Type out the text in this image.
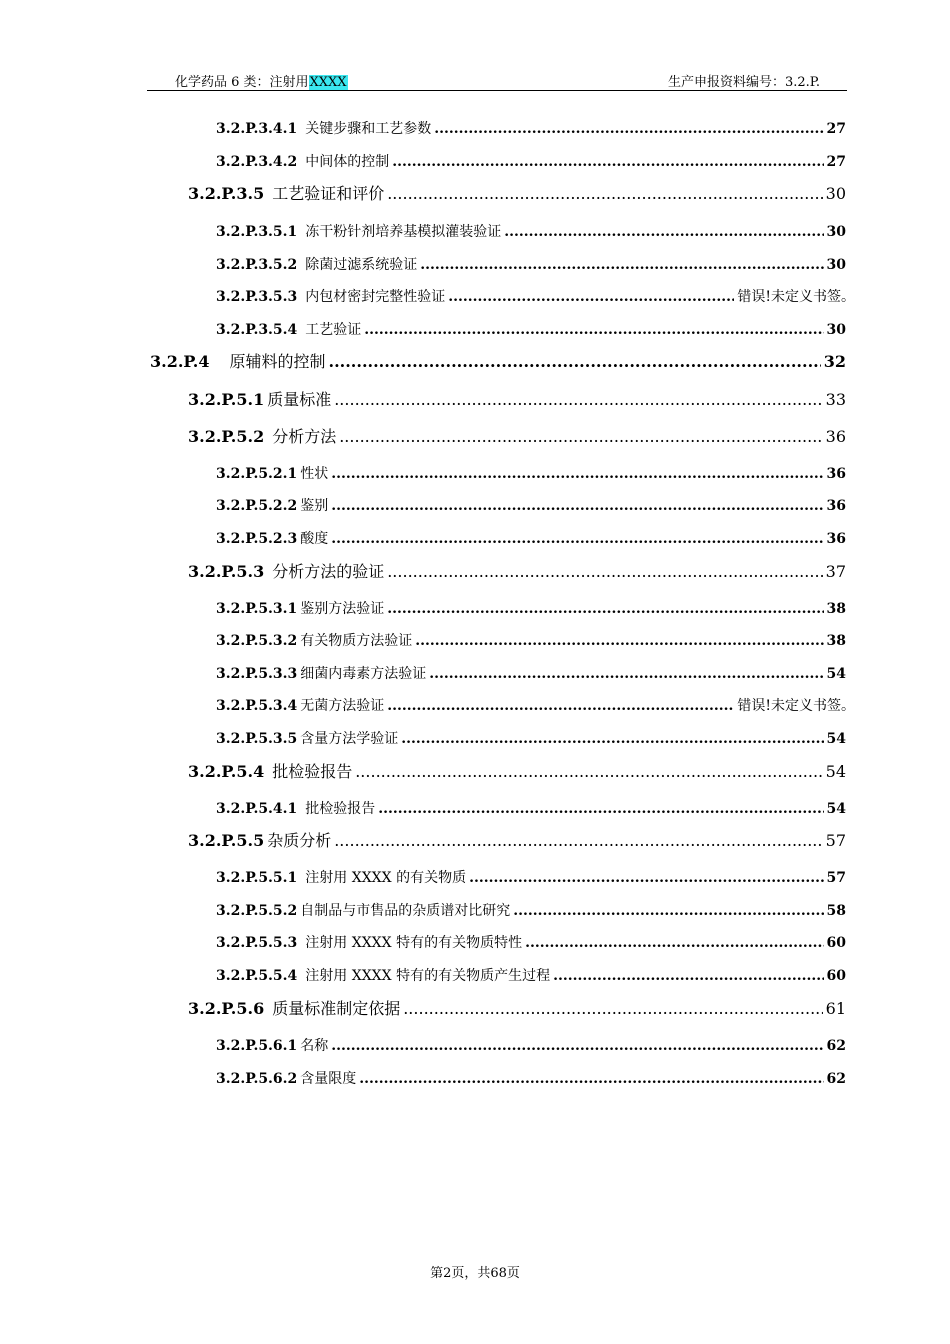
化学药品 6 类：注射用XXXX	生产申报资料编号：3.2.P.
3.2.P.3.4.1 关键步骤和工艺参数 .....	27
3.2.P.3.4.2 中间体的控制 .....	27
3.2.P.3.5 工艺验证和评价 .....	30
3.2.P.3.5.1 冻干粉针剂培养基模拟灌装验证 .....	30
3.2.P.3.5.2 除菌过滤系统验证 .....	30
3.2.P.3.5.3 内包材密封完整性验证 .....	错误!未定义书签。
3.2.P.3.5.4 工艺验证 .....	30
3.2.P.4 原辅料的控制 .....	32
3.2.P.5.1 质量标准 .....	33
3.2.P.5.2 分析方法 .....	36
3.2.P.5.2.1 性状 .....	36
3.2.P.5.2.2 鉴别 .....	36
3.2.P.5.2.3 酸度 .....	36
3.2.P.5.3 分析方法的验证 .....	37
3.2.P.5.3.1 鉴别方法验证 .....	38
3.2.P.5.3.2 有关物质方法验证 .....	38
3.2.P.5.3.3 细菌内毒素方法验证 .....	54
3.2.P.5.3.4 无菌方法验证 .....	错误!未定义书签。
3.2.P.5.3.5 含量方法学验证 .....	54
3.2.P.5.4 批检验报告 .....	54
3.2.P.5.4.1 批检验报告 .....	54
3.2.P.5.5 杂质分析 .....	57
3.2.P.5.5.1 注射用 XXXX 的有关物质 .....	57
3.2.P.5.5.2 自制品与市售品的杂质谱对比研究 .....	58
3.2.P.5.5.3 注射用 XXXX 特有的有关物质特性 .....	60
3.2.P.5.5.4 注射用 XXXX 特有的有关物质产生过程 .....	60
3.2.P.5.6 质量标准制定依据 .....	61
3.2.P.5.6.1 名称 .....	62
3.2.P.5.6.2 含量限度 .....	62
第2页，共68页
